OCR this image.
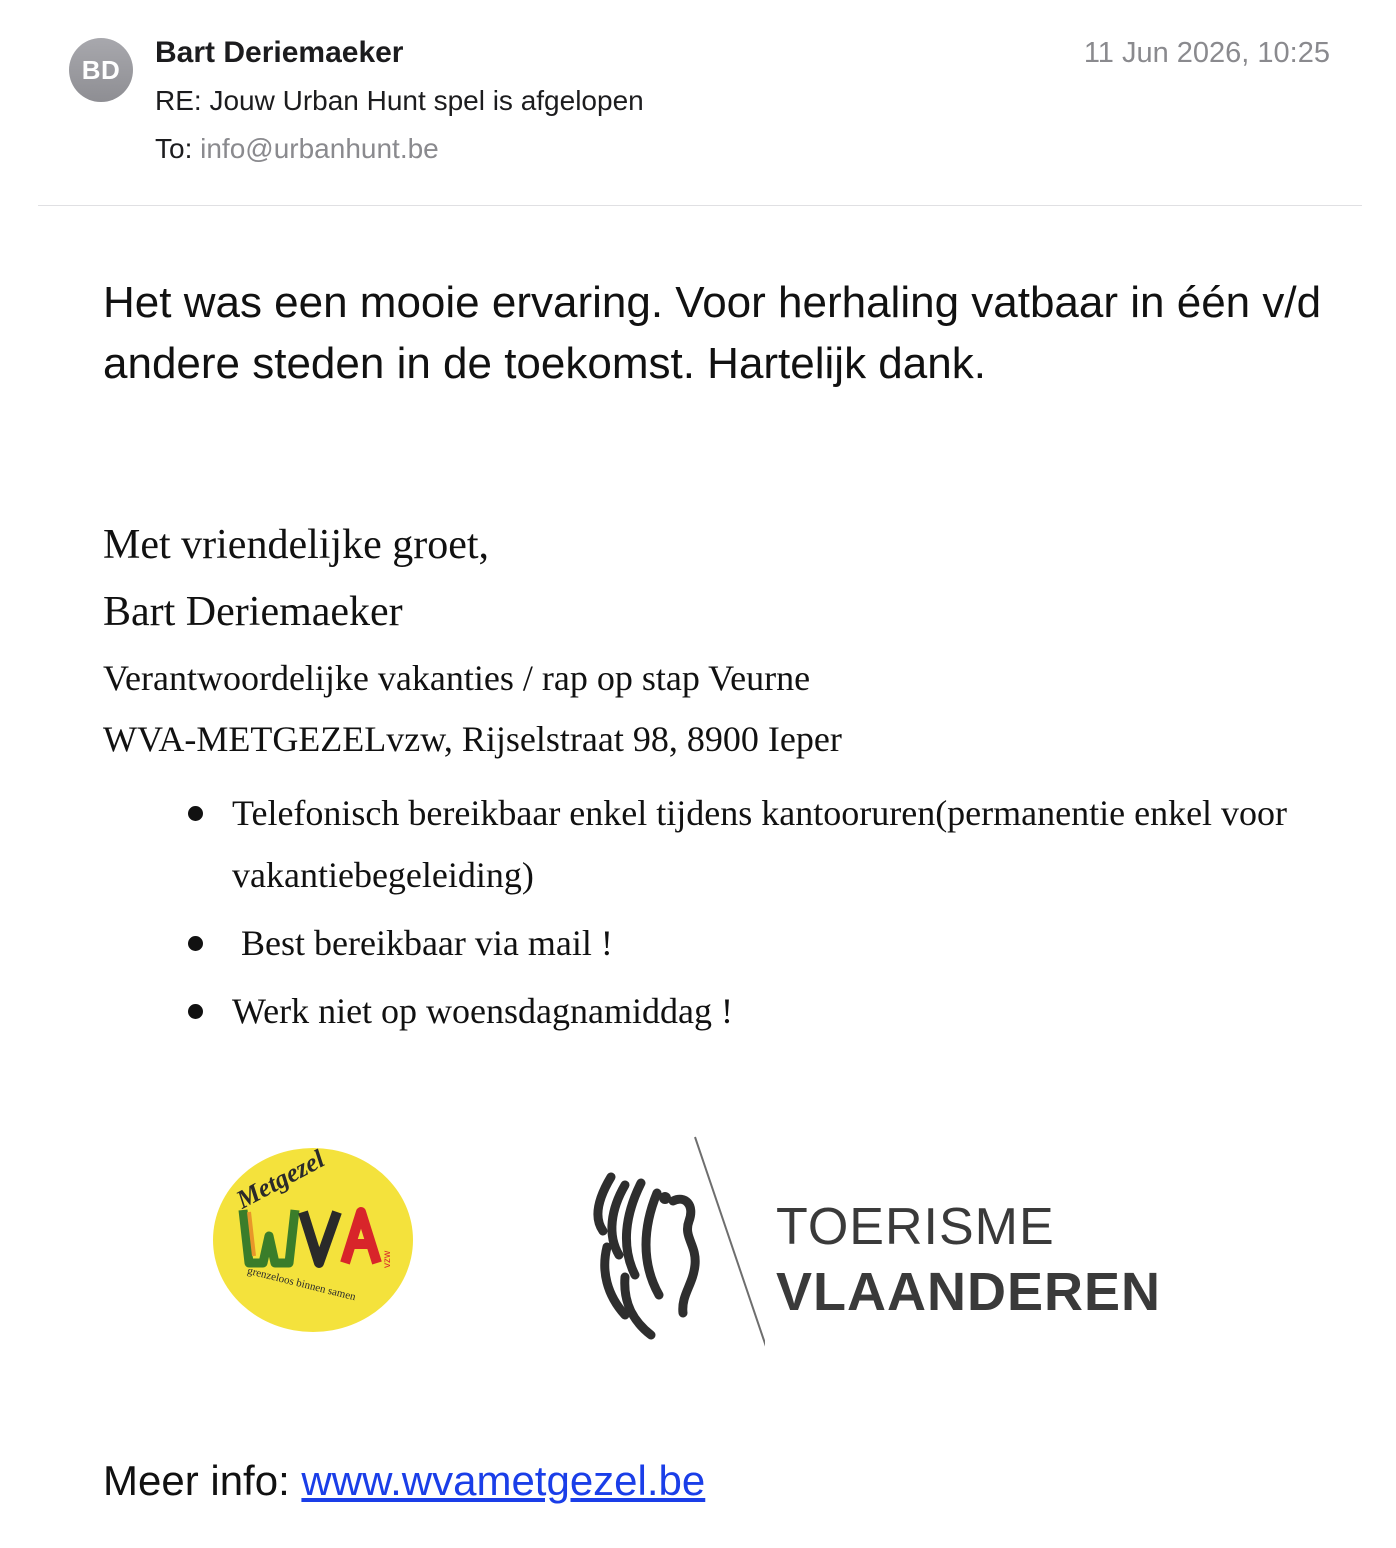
BD
Bart Deriemaeker
RE: Jouw Urban Hunt spel is afgelopen
To: info@urbanhunt.be
11 Jun 2026, 10:25
Het was een mooie ervaring. Voor herhaling vatbaar in één v/d andere steden in de toekomst. Hartelijk dank.
Met vriendelijke groet,
Bart Deriemaeker
Verantwoordelijke vakanties / rap op stap Veurne
WVA-METGEZELvzw, Rijselstraat 98, 8900 Ieper
Telefonisch bereikbaar enkel tijdens kantooruren(permanentie enkel voor vakantiebegeleiding)
Best bereikbaar via mail !
Werk niet op woensdagnamiddag !
Metgezel
vzw
grenzeloos binnen samen
TOERISME
VLAANDEREN
Meer info: www.wvametgezel.be
